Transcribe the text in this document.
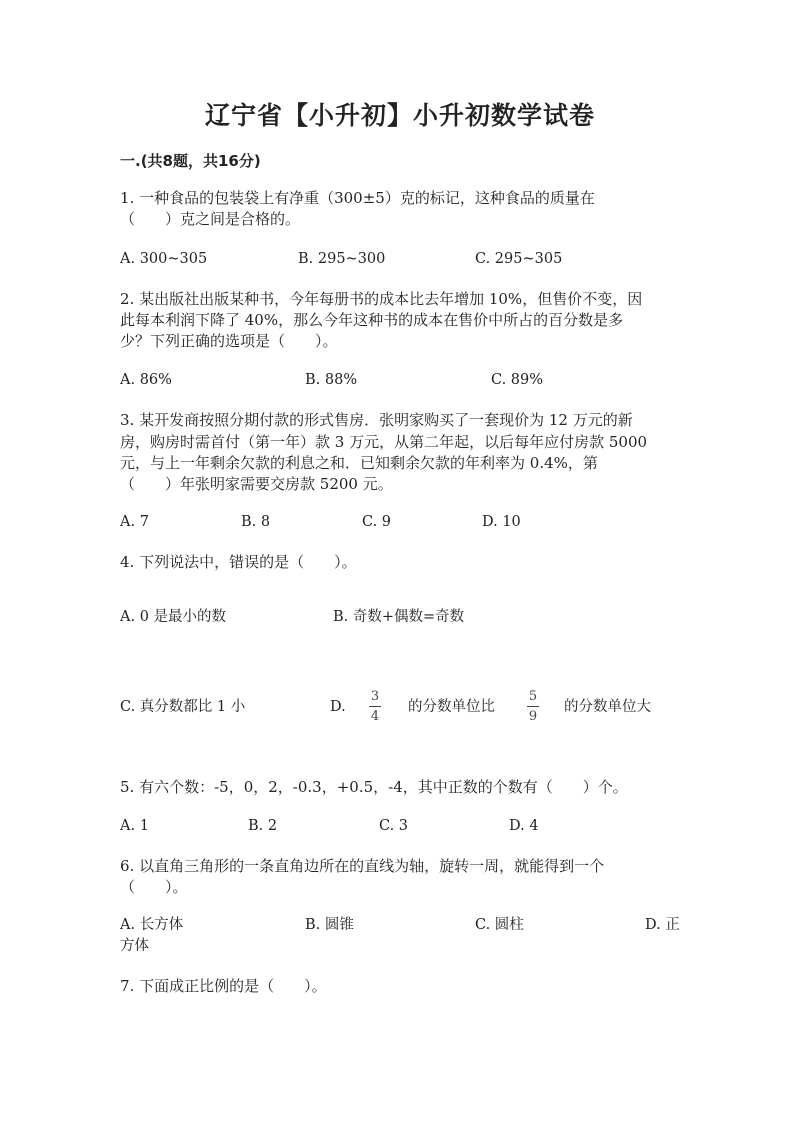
辽宁省【小升初】小升初数学试卷
一.(共8题，共16分)
1. 一种食品的包装袋上有净重（300±5）克的标记，这种食品的质量在
（　　）克之间是合格的。
A. 300~305	B. 295~300	C. 295~305
2. 某出版社出版某种书，今年每册书的成本比去年增加 10%，但售价不变，因
此每本利润下降了 40%，那么今年这种书的成本在售价中所占的百分数是多
少？下列正确的选项是（　　）。
A. 86%	B. 88%	C. 89%
3. 某开发商按照分期付款的形式售房．张明家购买了一套现价为 12 万元的新
房，购房时需首付（第一年）款 3 万元，从第二年起，以后每年应付房款 5000
元，与上一年剩余欠款的利息之和．已知剩余欠款的年利率为 0.4%，第
（　　）年张明家需要交房款 5200 元。
A. 7	B. 8	C. 9	D. 10
4. 下列说法中，错误的是（　　）。
A. 0 是最小的数	B. 奇数+偶数=奇数
C. 真分数都比 1 小	D.
3
4
的分数单位比
5
9
的分数单位大
5. 有六个数：-5，0，2，-0.3，+0.5，-4，其中正数的个数有（　　）个。
A. 1	B. 2	C. 3	D. 4
6. 以直角三角形的一条直角边所在的直线为轴，旋转一周，就能得到一个
（　　）。
A. 长方体	B. 圆锥	C. 圆柱	D. 正
方体
7. 下面成正比例的是（　　）。
